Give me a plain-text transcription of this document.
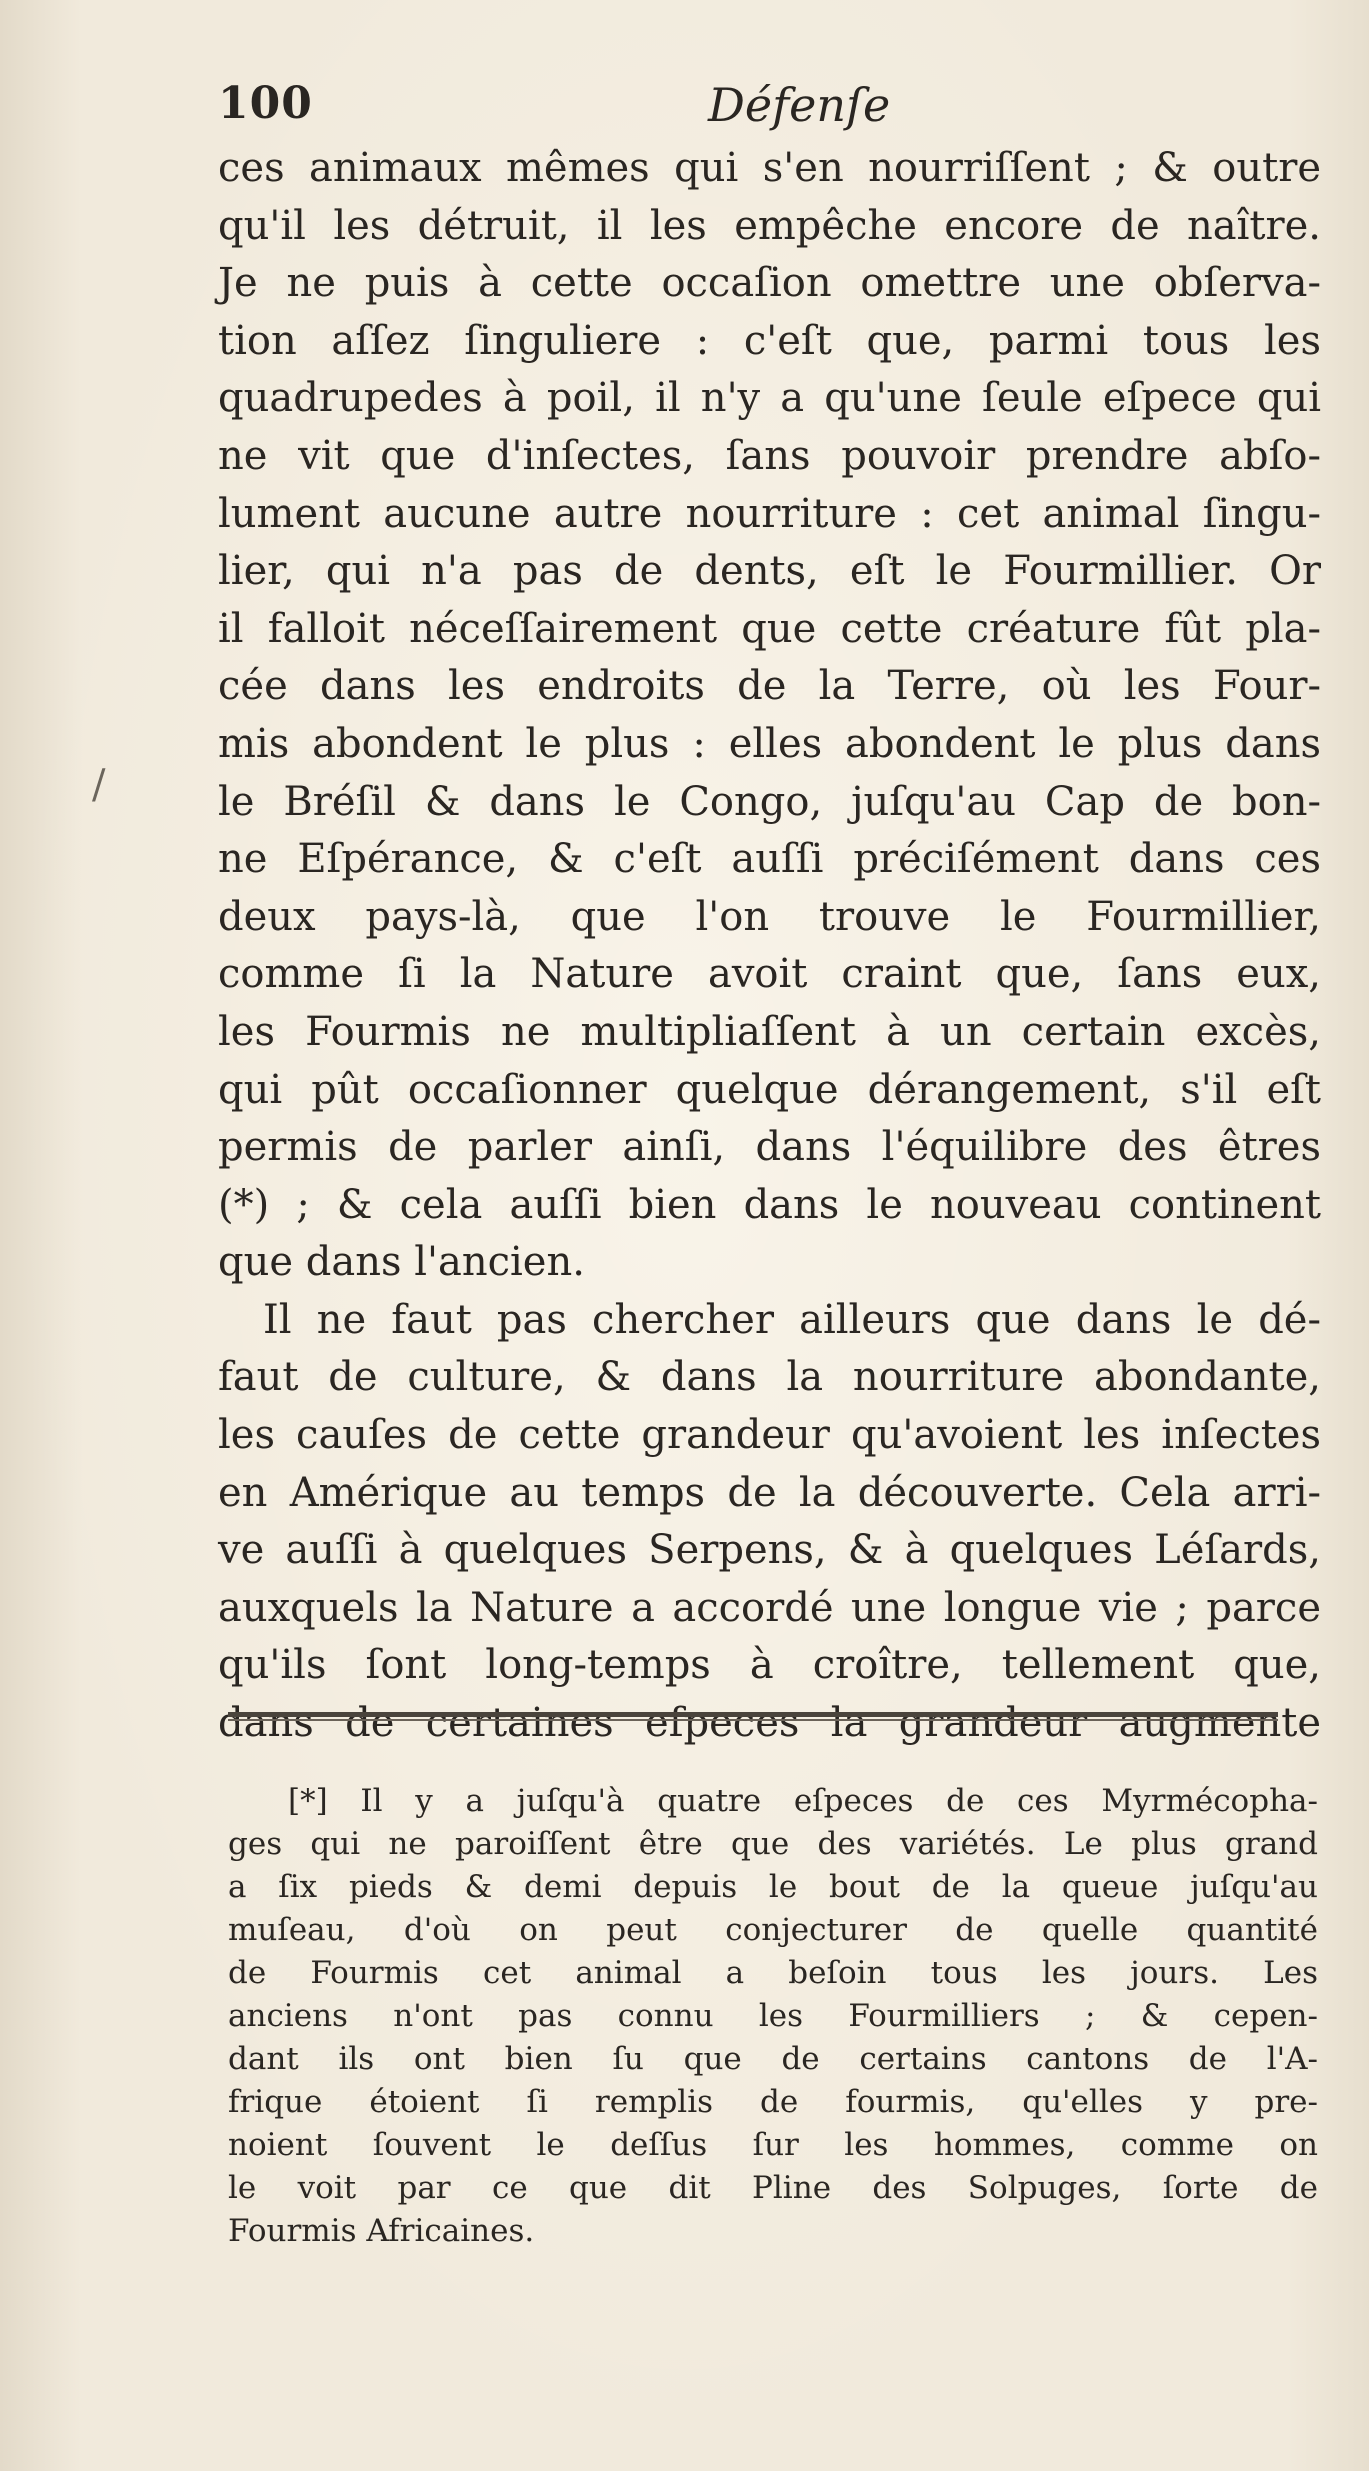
100	Défenſe
ces animaux mêmes qui s'en nourriſſent ; & outre
qu'il les détruit, il les empêche encore de naître.
Je ne puis à cette occaſion omettre une obſerva-
tion aſſez ſinguliere : c'eſt que, parmi tous les
quadrupedes à poil, il n'y a qu'une ſeule eſpece qui
ne vit que d'inſectes, ſans pouvoir prendre abſo-
lument aucune autre nourriture : cet animal ſingu-
lier, qui n'a pas de dents, eſt le Fourmillier. Or
il falloit néceſſairement que cette créature fût pla-
cée dans les endroits de la Terre, où les Four-
mis abondent le plus : elles abondent le plus dans
le Bréſil & dans le Congo, juſqu'au Cap de bon-
ne Eſpérance, & c'eſt auſſi préciſément dans ces
deux pays-là, que l'on trouve le Fourmillier,
comme ſi la Nature avoit craint que, ſans eux,
les Fourmis ne multipliaſſent à un certain excès,
qui pût occaſionner quelque dérangement, s'il eſt
permis de parler ainſi, dans l'équilibre des êtres
(*) ; & cela auſſi bien dans le nouveau continent
que dans l'ancien.
Il ne faut pas chercher ailleurs que dans le dé-
faut de culture, & dans la nourriture abondante,
les cauſes de cette grandeur qu'avoient les inſectes
en Amérique au temps de la découverte. Cela arri-
ve auſſi à quelques Serpens, & à quelques Léſards,
auxquels la Nature a accordé une longue vie ; parce
qu'ils ſont long-temps à croître, tellement que,
dans de certaines eſpeces la grandeur augmente
[*] Il y a juſqu'à quatre eſpeces de ces Myrmécopha-
ges qui ne paroiſſent être que des variétés. Le plus grand
a ſix pieds & demi depuis le bout de la queue juſqu'au
muſeau, d'où on peut conjecturer de quelle quantité
de Fourmis cet animal a beſoin tous les jours. Les
anciens n'ont pas connu les Fourmilliers ; & cepen-
dant ils ont bien ſu que de certains cantons de l'A-
frique étoient ſi remplis de fourmis, qu'elles y pre-
noient ſouvent le deſſus ſur les hommes, comme on
le voit par ce que dit Pline des Solpuges, ſorte de
Fourmis Africaines.
/
